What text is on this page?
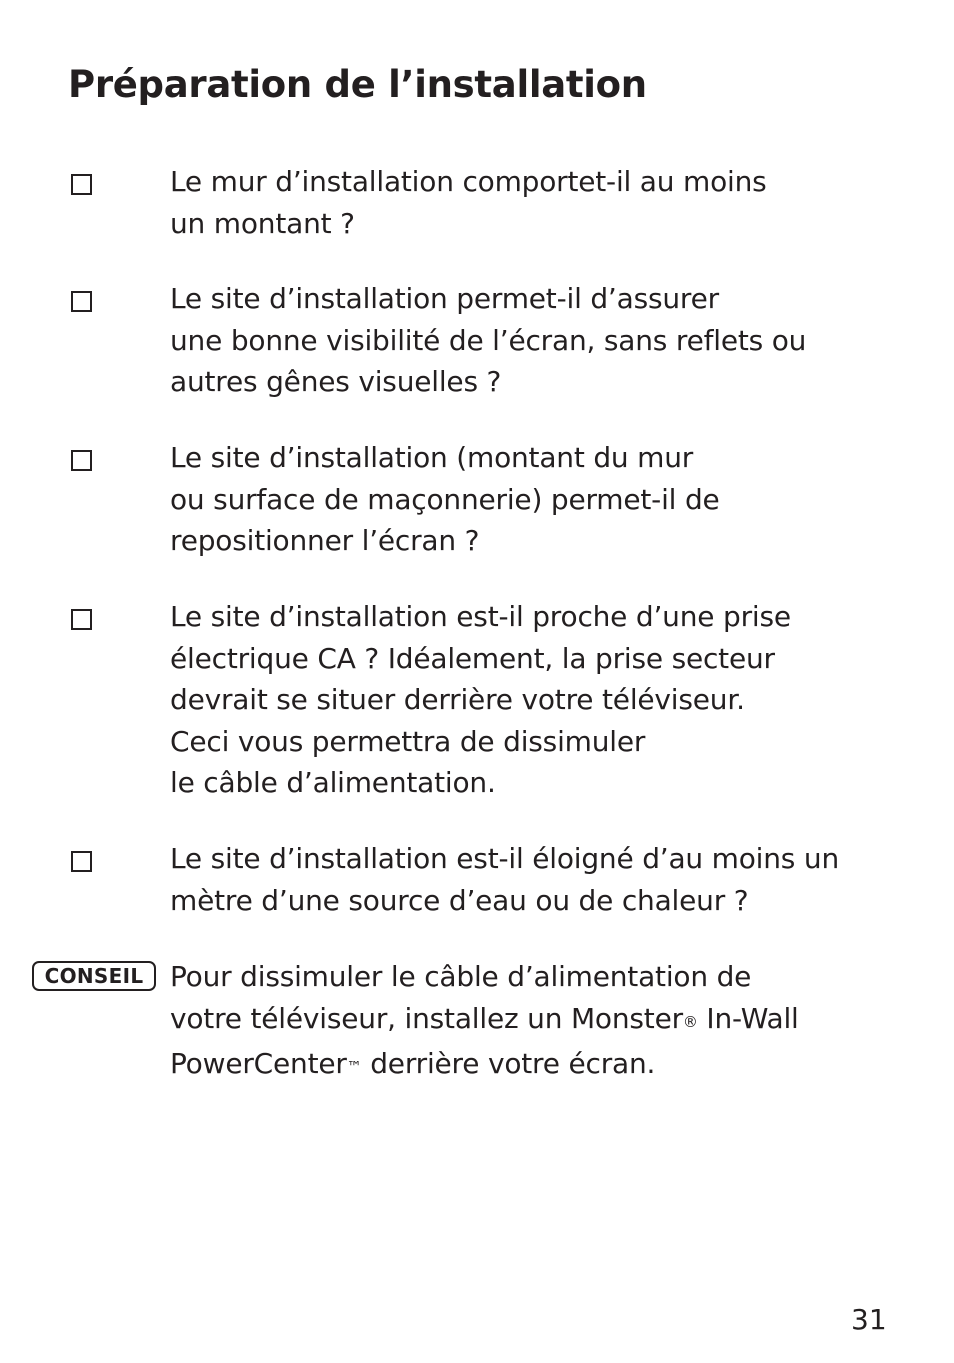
Préparation de l’installation
Le mur d’installation comportet-il au moins
un montant ?
Le site d’installation permet-il d’assurer
une bonne visibilité de l’écran, sans reflets ou
autres gênes visuelles ?
Le site d’installation (montant du mur
ou surface de maçonnerie) permet-il de
repositionner l’écran ?
Le site d’installation est-il proche d’une prise
électrique CA ? Idéalement, la prise secteur
devrait se situer derrière votre téléviseur.
Ceci vous permettra de dissimuler
le câble d’alimentation.
Le site d’installation est-il éloigné d’au moins un
mètre d’une source d’eau ou de chaleur ?
CONSEIL Pour dissimuler le câble d’alimentation de
votre téléviseur, installez un Monster® In-Wall
PowerCenter™ derrière votre écran.
31
